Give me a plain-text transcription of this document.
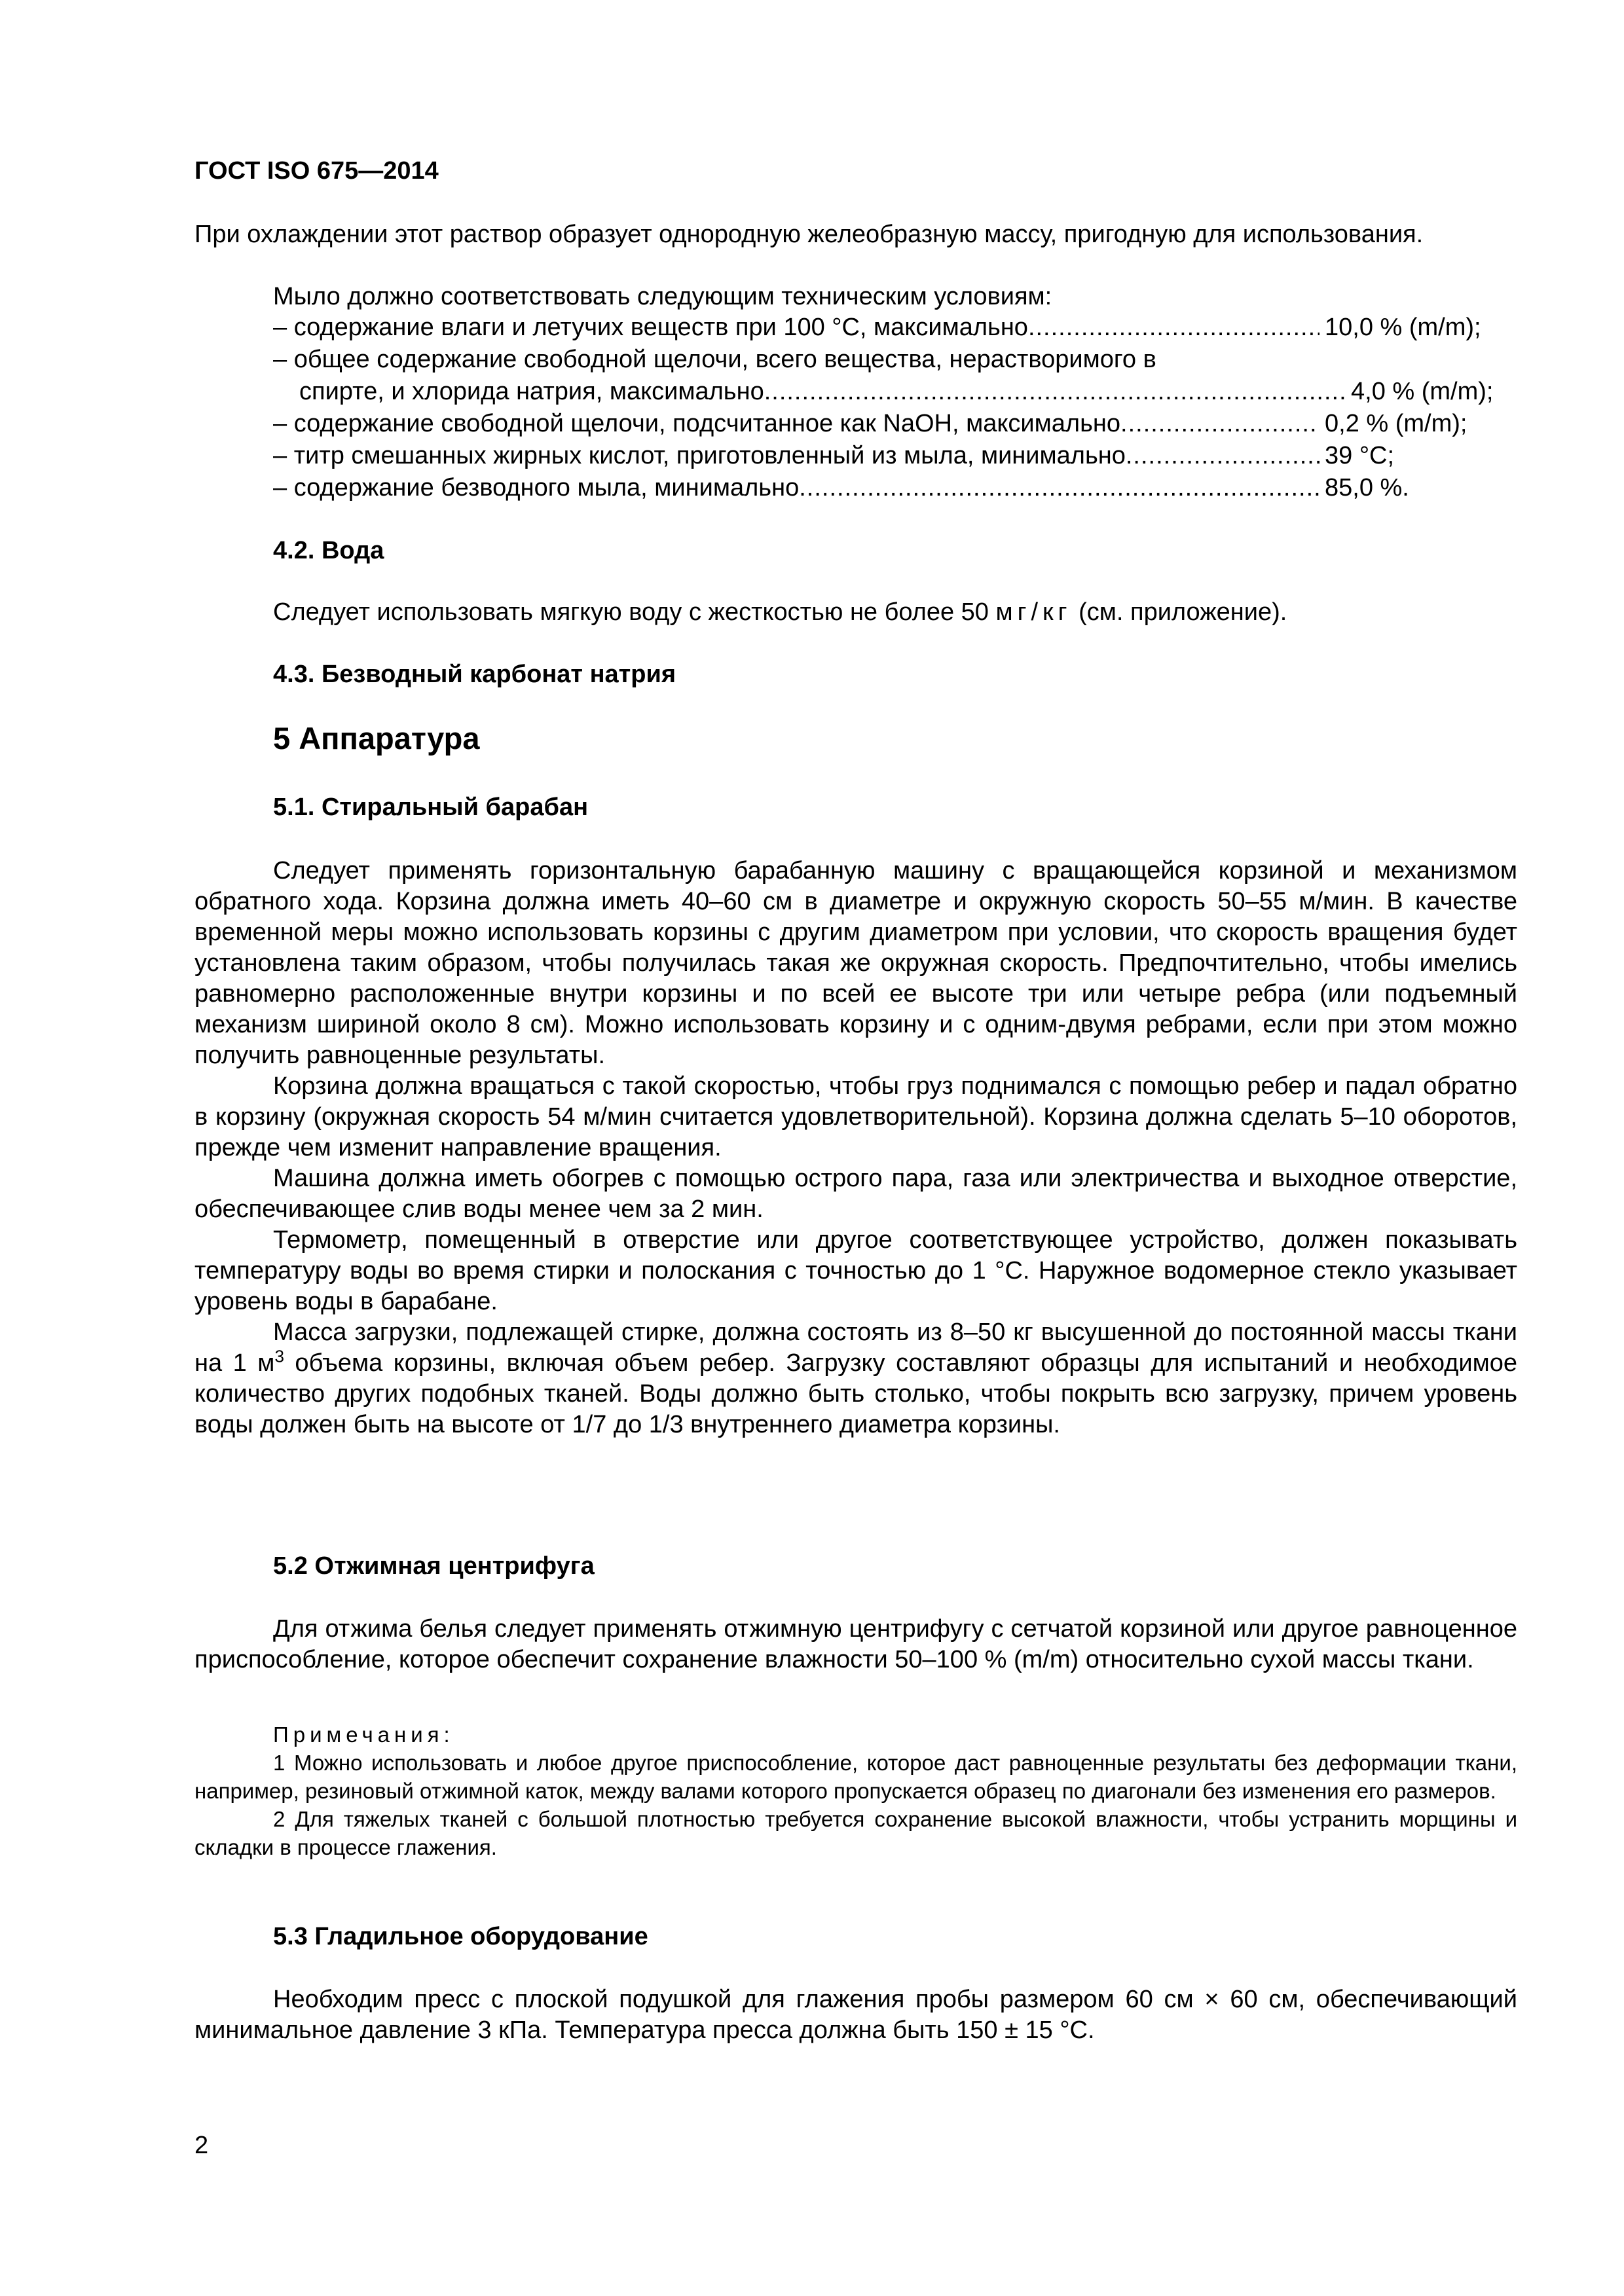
ГОСТ ISO 675—2014

При охлаждении этот раствор образует однородную желеобразную массу, пригодную для использования.

Мыло должно соответствовать следующим техническим условиям:

– содержание влаги и летучих веществ при 100 °С, максимально .....	10,0 % (m/m);
– общее содержание свободной щелочи, всего вещества, нерастворимого в
спирте, и хлорида натрия, максимально .....	4,0 % (m/m);
– содержание свободной щелочи, подсчитанное как NaOH, максимально .....	0,2 % (m/m);
– титр смешанных жирных кислот, приготовленный из мыла, минимально .....	39 °С;
– содержание безводного мыла, минимально .....	85,0 %.
4.2. Вода

Следует использовать мягкую воду с жесткостью не более 50 мг/кг (см. приложение).

4.3. Безводный карбонат натрия
5 Аппаратура
5.1. Стиральный барабан
Следует применять горизонтальную барабанную машину с вращающейся корзиной и механизмом обратного хода. Корзина должна иметь 40–60 см в диаметре и окружную скорость 50–55 м/мин. В качестве временной меры можно использовать корзины с другим диаметром при условии, что скорость вращения будет установлена таким образом, чтобы получилась такая же окружная скорость. Предпочтительно, чтобы имелись равномерно расположенные внутри корзины и по всей ее высоте три или четыре ребра (или подъемный механизм шириной около 8 см). Можно использовать корзину и с одним-двумя ребрами, если при этом можно получить равноценные результаты.
Корзина должна вращаться с такой скоростью, чтобы груз поднимался с помощью ребер и падал обратно в корзину (окружная скорость 54 м/мин считается удовлетворительной). Корзина должна сделать 5–10 оборотов, прежде чем изменит направление вращения.
Машина должна иметь обогрев с помощью острого пара, газа или электричества и выходное отверстие, обеспечивающее слив воды менее чем за 2 мин.
Термометр, помещенный в отверстие или другое соответствующее устройство, должен показывать температуру воды во время стирки и полоскания с точностью до 1 °С. Наружное водомерное стекло указывает уровень воды в барабане.
Масса загрузки, подлежащей стирке, должна состоять из 8–50 кг высушенной до постоянной массы ткани на 1 $м^3$ объема корзины, включая объем ребер. Загрузку составляют образцы для испытаний и необходимое количество других подобных тканей. Воды должно быть столько, чтобы покрыть всю загрузку, причем уровень воды должен быть на высоте от 1/7 до 1/3 внутреннего диаметра корзины.
5.2 Отжимная центрифуга
Для отжима белья следует применять отжимную центрифугу с сетчатой корзиной или другое равноценное приспособление, которое обеспечит сохранение влажности 50–100 % (m/m) относительно сухой массы ткани.
Примечания:
1 Можно использовать и любое другое приспособление, которое даст равноценные результаты без деформации ткани, например, резиновый отжимной каток, между валами которого пропускается образец по диагонали без изменения его размеров.
2 Для тяжелых тканей с большой плотностью требуется сохранение высокой влажности, чтобы устранить морщины и складки в процессе глажения.
5.3 Гладильное оборудование
Необходим пресс с плоской подушкой для глажения пробы размером 60 см × 60 см, обеспечивающий минимальное давление 3 кПа. Температура пресса должна быть 150 ± 15 °С.
2
